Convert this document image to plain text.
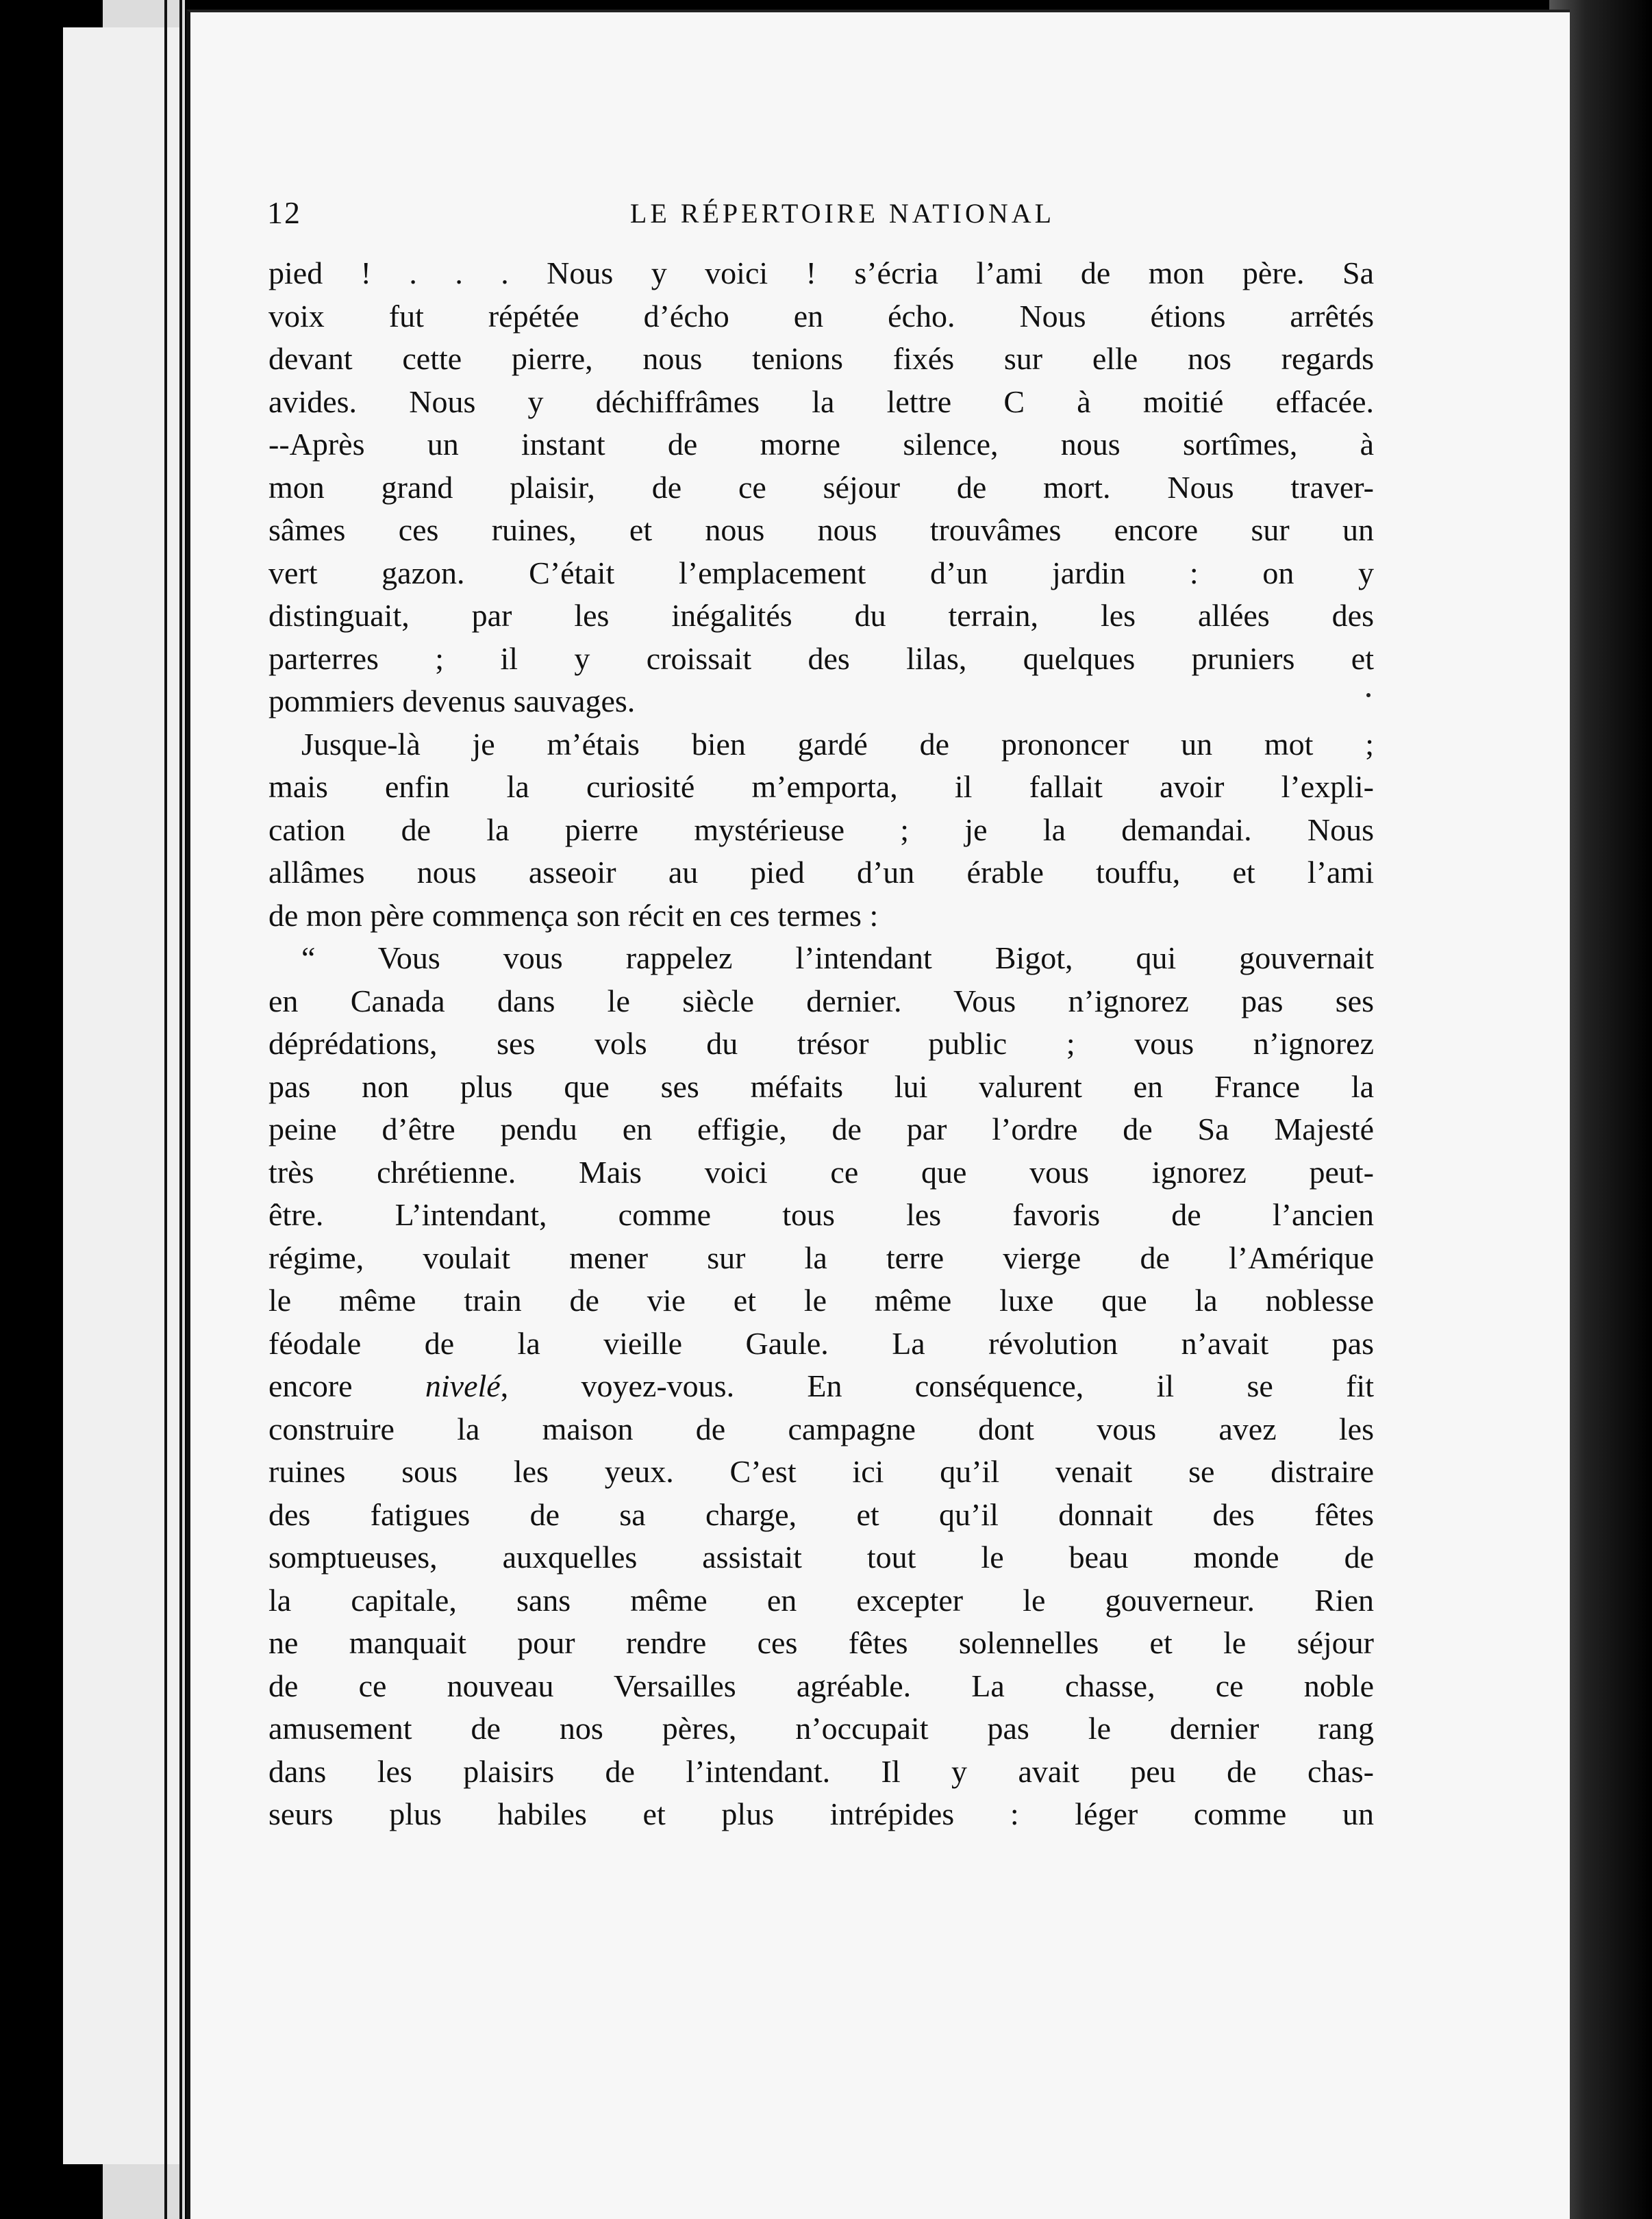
12	LE RÉPERTOIRE NATIONAL
pied ! . . . Nous y voici ! s’écria l’ami de mon père. Sa
voix fut répétée d’écho en écho. Nous étions arrêtés
devant cette pierre, nous tenions fixés sur elle nos regards
avides. Nous y déchiffrâmes la lettre C à moitié effacée.
--Après un instant de morne silence, nous sortîmes, à
mon grand plaisir, de ce séjour de mort. Nous traver-
sâmes ces ruines, et nous nous trouvâmes encore sur un
vert gazon. C’était l’emplacement d’un jardin : on y
distinguait, par les inégalités du terrain, les allées des
parterres ; il y croissait des lilas, quelques pruniers et
pommiers devenus sauvages.
Jusque-là je m’étais bien gardé de prononcer un mot ;
mais enfin la curiosité m’emporta, il fallait avoir l’expli-
cation de la pierre mystérieuse ; je la demandai. Nous
allâmes nous asseoir au pied d’un érable touffu, et l’ami
de mon père commença son récit en ces termes :
“ Vous vous rappelez l’intendant Bigot, qui gouvernait
en Canada dans le siècle dernier. Vous n’ignorez pas ses
déprédations, ses vols du trésor public ; vous n’ignorez
pas non plus que ses méfaits lui valurent en France la
peine d’être pendu en effigie, de par l’ordre de Sa Majesté
très chrétienne. Mais voici ce que vous ignorez peut-
être. L’intendant, comme tous les favoris de l’ancien
régime, voulait mener sur la terre vierge de l’Amérique
le même train de vie et le même luxe que la noblesse
féodale de la vieille Gaule. La révolution n’avait pas
encore nivelé, voyez-vous. En conséquence, il se fit
construire la maison de campagne dont vous avez les
ruines sous les yeux. C’est ici qu’il venait se distraire
des fatigues de sa charge, et qu’il donnait des fêtes
somptueuses, auxquelles assistait tout le beau monde de
la capitale, sans même en excepter le gouverneur. Rien
ne manquait pour rendre ces fêtes solennelles et le séjour
de ce nouveau Versailles agréable. La chasse, ce noble
amusement de nos pères, n’occupait pas le dernier rang
dans les plaisirs de l’intendant. Il y avait peu de chas-
seurs plus habiles et plus intrépides : léger comme un
